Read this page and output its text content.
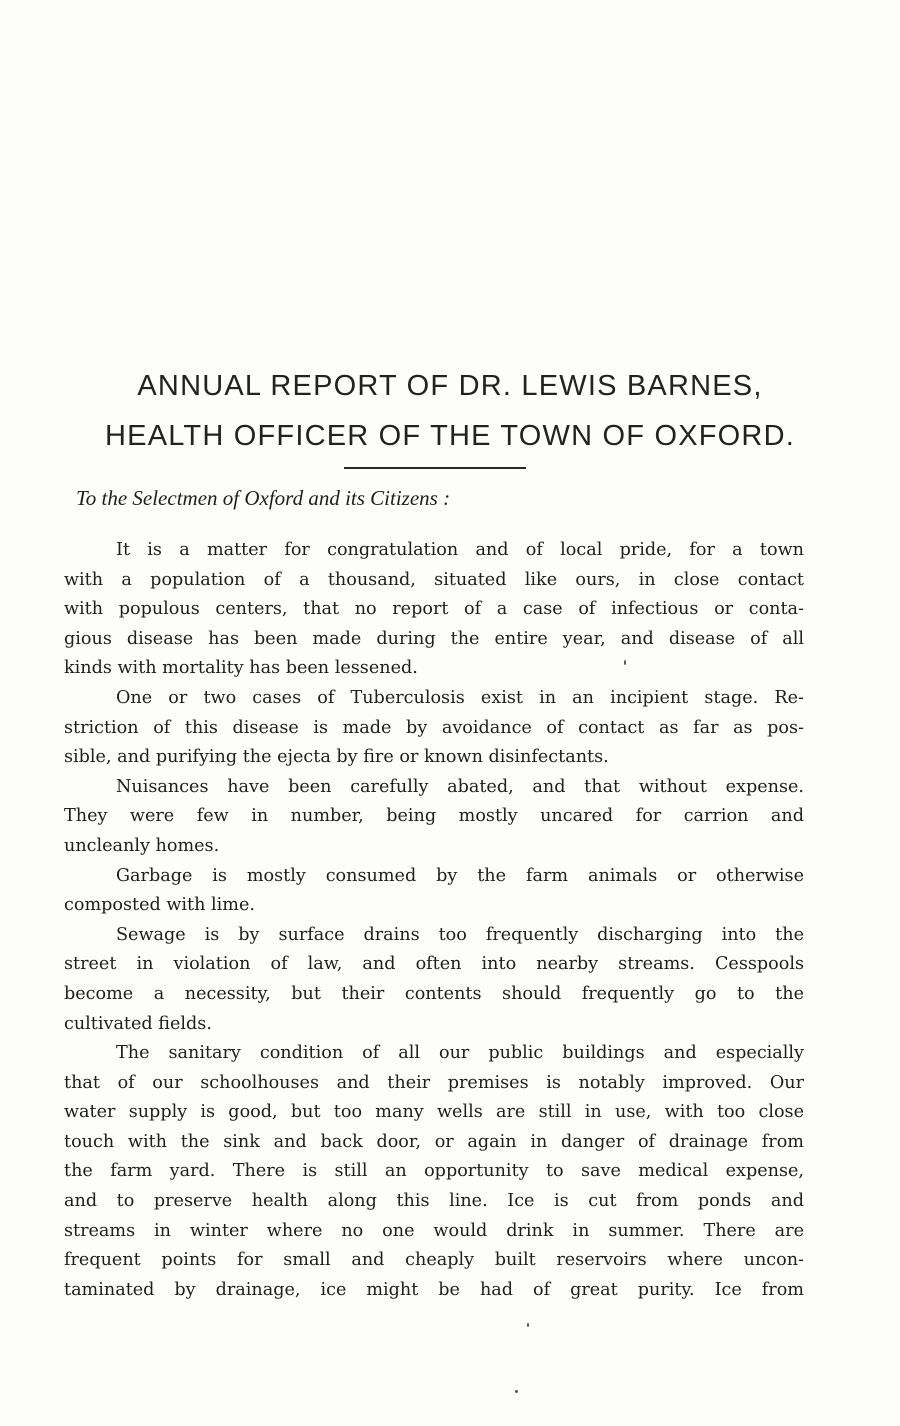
ANNUAL REPORT OF DR. LEWIS BARNES,
HEALTH OFFICER OF THE TOWN OF OXFORD.
To the Selectmen of Oxford and its Citizens :
It is a matter for congratulation and of local pride, for a town
with a population of a thousand, situated like ours, in close contact
with populous centers, that no report of a case of infectious or conta-
gious disease has been made during the entire year, and disease of all
kinds with mortality has been lessened.
One or two cases of Tuberculosis exist in an incipient stage. Re-
striction of this disease is made by avoidance of contact as far as pos-
sible, and purifying the ejecta by fire or known disinfectants.
Nuisances have been carefully abated, and that without expense.
They were few in number, being mostly uncared for carrion and
uncleanly homes.
Garbage is mostly consumed by the farm animals or otherwise
composted with lime.
Sewage is by surface drains too frequently discharging into the
street in violation of law, and often into nearby streams. Cesspools
become a necessity, but their contents should frequently go to the
cultivated fields.
The sanitary condition of all our public buildings and especially
that of our schoolhouses and their premises is notably improved. Our
water supply is good, but too many wells are still in use, with too close
touch with the sink and back door, or again in danger of drainage from
the farm yard. There is still an opportunity to save medical expense,
and to preserve health along this line. Ice is cut from ponds and
streams in winter where no one would drink in summer. There are
frequent points for small and cheaply built reservoirs where uncon-
taminated by drainage, ice might be had of great purity. Ice from
